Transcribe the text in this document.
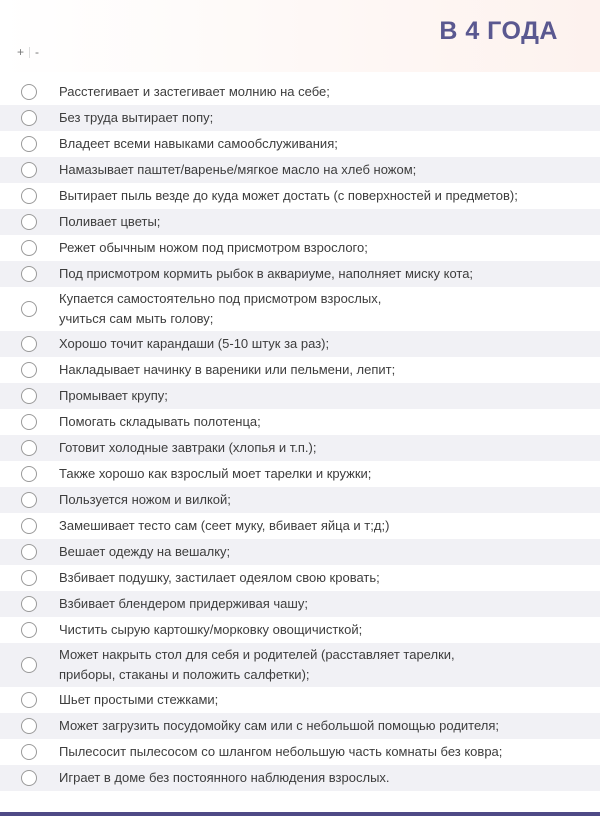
+ -
В 4 ГОДА
Расстегивает и застегивает молнию на себе;
Без труда вытирает попу;
Владеет всеми навыками самообслуживания;
Намазывает паштет/варенье/мягкое масло на хлеб ножом;
Вытирает пыль везде до куда может достать (с поверхностей и предметов);
Поливает цветы;
Режет обычным ножом под присмотром взрослого;
Под присмотром кормить рыбок в аквариуме, наполняет миску кота;
Купается самостоятельно под присмотром взрослых,
учиться сам мыть голову;
Хорошо точит карандаши (5-10 штук за раз);
Накладывает начинку в вареники или пельмени, лепит;
Промывает крупу;
Помогать складывать полотенца;
Готовит холодные завтраки (хлопья и т.п.);
Также хорошо как взрослый моет тарелки и кружки;
Пользуется ножом и вилкой;
Замешивает тесто сам (сеет муку, вбивает яйца и т;д;)
Вешает одежду на вешалку;
Взбивает подушку, застилает одеялом свою кровать;
Взбивает блендером придерживая чашу;
Чистить сырую картошку/морковку овощичисткой;
Может накрыть стол для себя и родителей (расставляет тарелки,
приборы, стаканы и положить салфетки);
Шьет простыми стежками;
Может загрузить посудомойку сам или с небольшой помощью родителя;
Пылесосит пылесосом со шлангом небольшую часть комнаты без ковра;
Играет в доме без постоянного наблюдения взрослых.
